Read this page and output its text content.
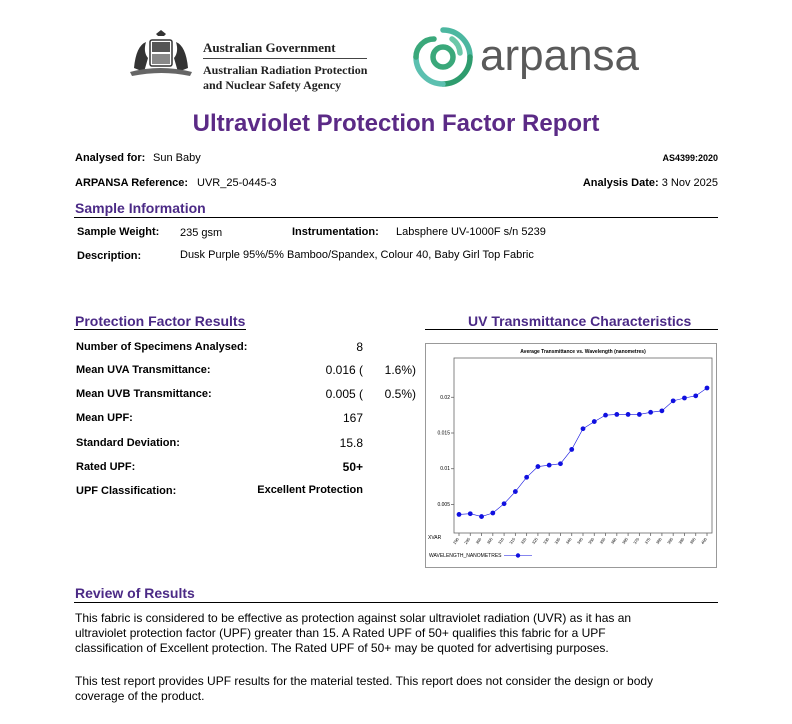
Australian Government
Australian Radiation Protection
and Nuclear Safety Agency
arpansa
Ultraviolet Protection Factor Report
Analysed for: Sun Baby	AS4399:2020
ARPANSA Reference: UVR_25-0445-3	Analysis Date: 3 Nov 2025
Sample Information
Sample Weight: 235 gsm	Instrumentation: Labsphere UV-1000F s/n 5239
Description:	Dusk Purple 95%/5% Bamboo/Spandex, Colour 40, Baby Girl Top Fabric
Protection Factor Results
Number of Specimens Analysed:	8
Mean UVA Transmittance:	0.016 ( 1.6%)
Mean UVB Transmittance:	0.005 ( 0.5%)
Mean UPF:	167
Standard Deviation:	15.8
Rated UPF:	50+
UPF Classification:	Excellent Protection
UV Transmittance Characteristics
Average Transmittance vs. Wavelength (nanometres)
0.005
0.01
0.015
0.02
290 295 300 305 310 315 320 325 330 335 340 345 350 355 360 365 370 375 380 385 390 395 400
XVAR
WAVELENGTH_NANOMETRES
Review of Results
This fabric is considered to be effective as protection against solar ultraviolet radiation (UVR) as it has an
ultraviolet protection factor (UPF) greater than 15. A Rated UPF of 50+ qualifies this fabric for a UPF
classification of Excellent protection. The Rated UPF of 50+ may be quoted for advertising purposes.
This test report provides UPF results for the material tested. This report does not consider the design or body
coverage of the product.
